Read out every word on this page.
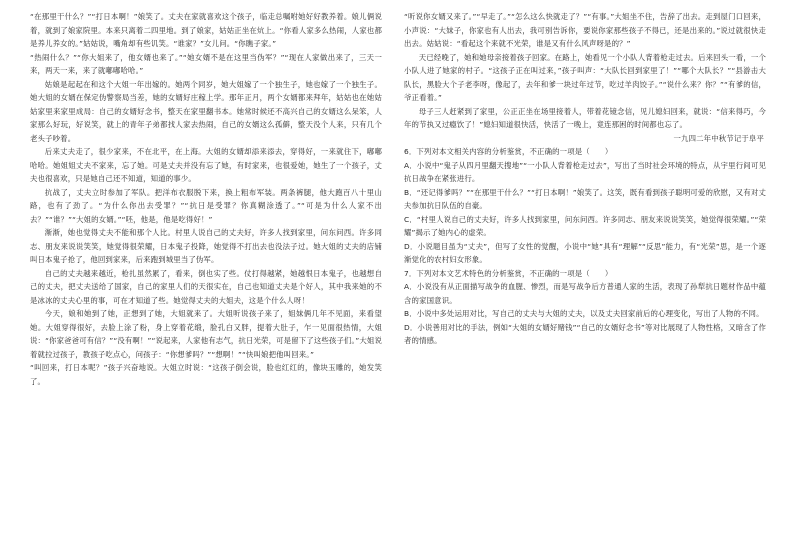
“在那里干什么？”“打日本啊！”娘笑了。丈夫在家就喜欢这个孩子，临走总嘱咐她好好教养着。娘儿俩说着，就到了娘家院里。本来只离着二四里地。到了娘家，姑姑正坐在炕上。“你看人家多么热闹，人家也都是养儿养女的。”姑姑说，嘴角却有些讥笑。“谁家？”女儿问。“你瞧子家。”

“热闹什么？”“你大姐来了，他女婿也来了。”“她女婿不是在这里当伪军？”“现在人家做出来了，三天一来，两天一来，来了就嘟嘟哈哈。”

姑娘是起起在和这个大姐一年出嫁的。她两个同岁，她大姐嫁了一个独生子，她也嫁了一个独生子。她大姐的女婿在保定伪警察局当差，她的女婿好庄稼上学。那年正月，两个女婿都来拜年，姑姑也在她姑姑家里来家里成局：自己的女婿好念书，整天在家里翻书本。她常时候还不高兴自己的女婿这么呆笨，人家那么好玩，好说笑，就上的青年子弟都找人家去热闹，自己的女婿这么孤僻，整天没个人来，只有几个老头子吵着。

后来丈夫走了，很少家来，不在北平，在上海。大姐的女婿却添来添去，穿得好，一来就住下，嘟嘟哈哈。她姐姐丈夫不家来，忘了她。可是丈夫并没有忘了她，有时家来，也很爱她，她生了一个孩子，丈夫也很喜欢，只是她自己还不知道，知道的事少。

抗战了，丈夫立时参加了军队。把洋布衣服脱下来，换上粗布军装。两条裤腿，他大跑百八十里山路，也有了劲了。“为什么你出去受罪？”“抗日是受罪？你真糊涂透了。”“可是为什么人家不出去？”“谁？”“大姐的女婿。”“呸，他是，他是吃得好！”

渐渐，她也觉得丈夫不能和那个人比。村里人说自己的丈夫好，许多人找到家里，问东问西。许多同志、朋友来说说笑笑，她觉得很荣耀，日本鬼子投降，她觉得不打出去也没法子过。她大姐的丈夫的店铺叫日本鬼子抢了，他回到家来，后来跑到城里当了伪军。

自己的丈夫越来越近，枪扎虽然累了，看来，倒也实了些。仗打得越紧，她越恨日本鬼子，也越想自己的丈夫，把丈夫送给了国家，自己的家里人们的天很实在，自己也知道丈夫是个好人，其中我来她的不是冰冰的丈夫心里的事，可在才知道了些。她觉得丈夫的大姐夫，这是个什么人呀！

今天，娘和她到了她，正想到了她，大姐就来了。大姐听说孩子来了，姐妹俩几年不见面，来看望她。大姐穿得很好，去脸上涂了粉，身上穿着花缎，脸孔白又胖，提着大肚子，乍一见面很热情，大姐说：“你家爸爸可有信？”“没有啊！”“说起来，人家他有志气，抗日光荣，可是留下了这些孩子们。”大姐说着就拉过孩子，教孩子吃点心，问孩子：“你想爹吗？”“想啊！”“快叫娘把他叫回来。”

“叫回来，打日本呢？”孩子兴奋地说。大姐立时说：“这孩子倒会说，脸也红红的，像块玉雕的，她发笑了。

“听说你女婿又来了。”“早走了。”“怎么这么快就走了？”“有事。”大姐坐不住，告辞了出去。走到屋门口回来，小声说：“大妹子，你家也有人出去，我可别告诉你，要说你家那些孩子不得已，还是出来的。”说过就很快走出去。姑姑说：“看起这个来就不光荣，谁是又有什么风声呀是的？”

天已经晚了，她和她母亲接着孩子回家。在路上，她看见一个小队人背着枪走过去。后来回头一看，一个小队人进了她家的村子。“这孩子正在叫过来，”孩子叫声：“大队长回到家里了！”“哪个大队长？”“县游击大队长，黑脸大个子老李呀，像起了，去年和爹一块过年过节，吃过羊肉饺子。”“说什么来？你？”“有爹的信，爷正看着。”

母子三人赶紧到了家里，公正正坐在场里接着人，带着花镜念信，见儿媳妇回来，就说：“信来得巧，今年的节执又过瘾饮了！”媳妇知道很快活，快活了一晚上，竟连那困的时间都也忘了。

一九四二年中秋节记于阜平

6．下列对本文相关内容的分析鉴赏，不正确的一项是（　　）

A．小说中“鬼子从四月里翻天搜地”“一小队人背着枪走过去”，写出了当时社会环境的特点，从宇里行间可见抗日战争在紧张进行。

B．“还记得爹吗？”“在那里干什么？”“打日本啊！”娘笑了。这笑，既有看到孩子聪明可爱的欣慰，又有对丈夫参加抗日队伍的自豪。

C．“村里人说自己的丈夫好，许多人找到家里，问东问西。许多同志、朋友来说说笑笑，她觉得很荣耀。”“荣耀”揭示了她内心的虚荣。

D．小说题目虽为“丈夫”，但写了女性的觉醒，小说中“她”具有“理解”“反思”能力，有“光荣”思，是一个逐渐觉化的农村妇女形象。

7．下列对本文艺术特色的分析鉴赏，不正确的一项是（　　）

A．小说没有从正面描写战争的血腥、惨烈，而是写战争后方普通人家的生活，表现了孙犁抗日题材作品中蕴含的家国意识。

B．小说中多处运用对比，写自己的丈夫与大姐的丈夫，以及丈夫回家前后的心理变化，写出了人物的不同。

D．小说善用对比的手法，例如“大姐的女婿好赌钱”“自己的女婿好念书”等对比展现了人物性格，又暗含了作者的情感。
